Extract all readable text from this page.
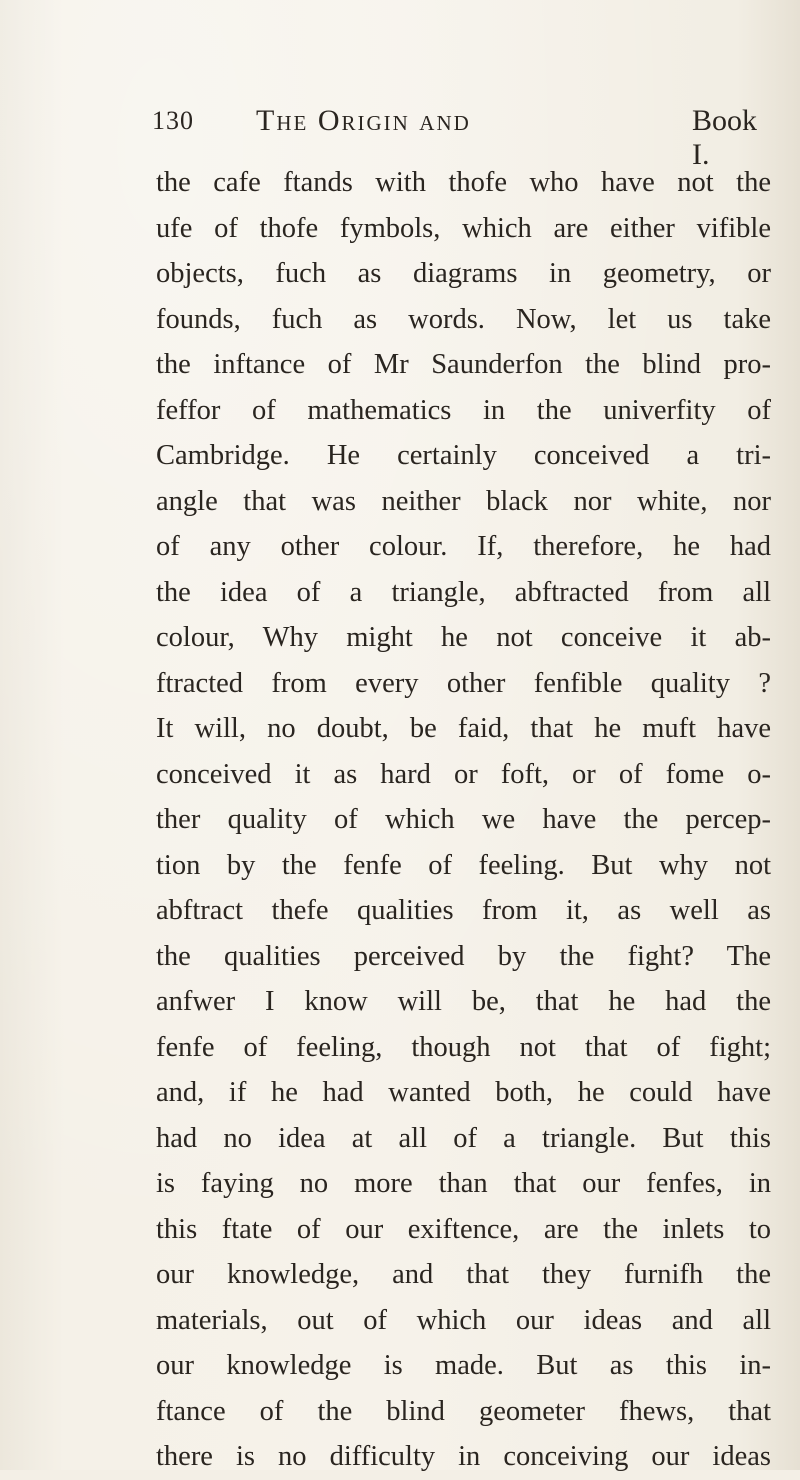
130 The Origin and	Book I.
the cafe ftands with thofe who have not the
ufe of thofe fymbols, which are either vifible
objects, fuch as diagrams in geometry, or
founds, fuch as words. Now, let us take
the inftance of Mr Saunderfon the blind pro-
feffor of mathematics in the univerfity of
Cambridge. He certainly conceived a tri-
angle that was neither black nor white, nor
of any other colour. If, therefore, he had
the idea of a triangle, abftracted from all
colour, Why might he not conceive it ab-
ftracted from every other fenfible quality ?
It will, no doubt, be faid, that he muft have
conceived it as hard or foft, or of fome o-
ther quality of which we have the percep-
tion by the fenfe of feeling. But why not
abftract thefe qualities from it, as well as
the qualities perceived by the fight? The
anfwer I know will be, that he had the
fenfe of feeling, though not that of fight;
and, if he had wanted both, he could have
had no idea at all of a triangle. But this
is faying no more than that our fenfes, in
this ftate of our exiftence, are the inlets to
our knowledge, and that they furnifh the
materials, out of which our ideas and all
our knowledge is made. But as this in-
ftance of the blind geometer fhews, that
there is no difficulty in conceiving our ideas
